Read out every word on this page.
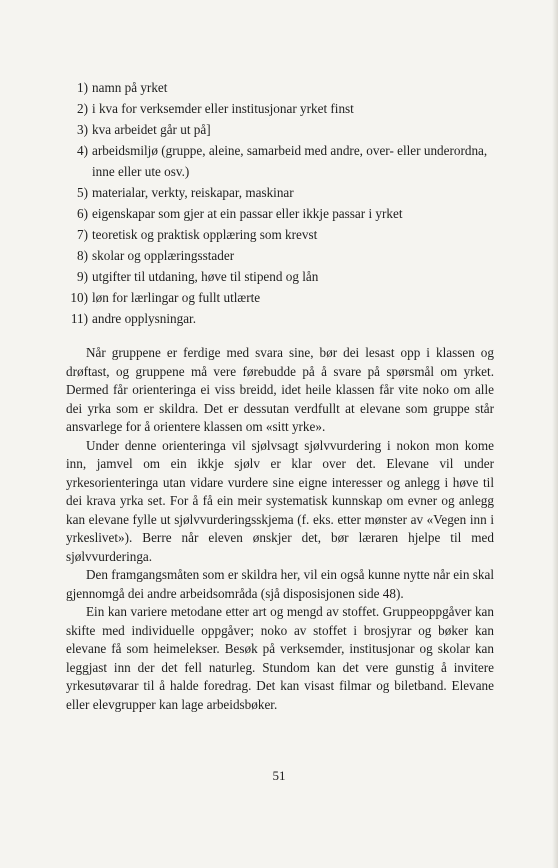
1) namn på yrket
2) i kva for verksemder eller institusjonar yrket finst
3) kva arbeidet går ut på]
4) arbeidsmiljø (gruppe, aleine, samarbeid med andre, over- eller underordna, inne eller ute osv.)
5) materialar, verkty, reiskapar, maskinar
6) eigenskapar som gjer at ein passar eller ikkje passar i yrket
7) teoretisk og praktisk opplæring som krevst
8) skolar og opplæringsstader
9) utgifter til utdaning, høve til stipend og lån
10) løn for lærlingar og fullt utlærte
11) andre opplysningar.

Når gruppene er ferdige med svara sine, bør dei lesast opp i klassen og drøftast, og gruppene må vere førebudde på å svare på spørsmål om yrket. Dermed får orienteringa ei viss breidd, idet heile klassen får vite noko om alle dei yrka som er skildra. Det er dessutan verdfullt at elevane som gruppe står ansvarlege for å orientere klassen om «sitt yrke».

Under denne orienteringa vil sjølvsagt sjølvvurdering i nokon mon kome inn, jamvel om ein ikkje sjølv er klar over det. Elevane vil under yrkesorienteringa utan vidare vurdere sine eigne interesser og anlegg i høve til dei krava yrka set. For å få ein meir systematisk kunnskap om evner og anlegg kan elevane fylle ut sjølvvurderingsskjema (f. eks. etter mønster av «Vegen inn i yrkeslivet»). Berre når eleven ønskjer det, bør læraren hjelpe til med sjølvvurderinga.

Den framgangsmåten som er skildra her, vil ein også kunne nytte når ein skal gjennomgå dei andre arbeidsområda (sjå disposisjonen side 48).

Ein kan variere metodane etter art og mengd av stoffet. Gruppeoppgåver kan skifte med individuelle oppgåver; noko av stoffet i brosjyrar og bøker kan elevane få som heimelekser. Besøk på verksemder, institusjonar og skolar kan leggjast inn der det fell naturleg. Stundom kan det vere gunstig å invitere yrkesutøvarar til å halde foredrag. Det kan visast filmar og biletband. Elevane eller elevgrupper kan lage arbeidsbøker.

51
